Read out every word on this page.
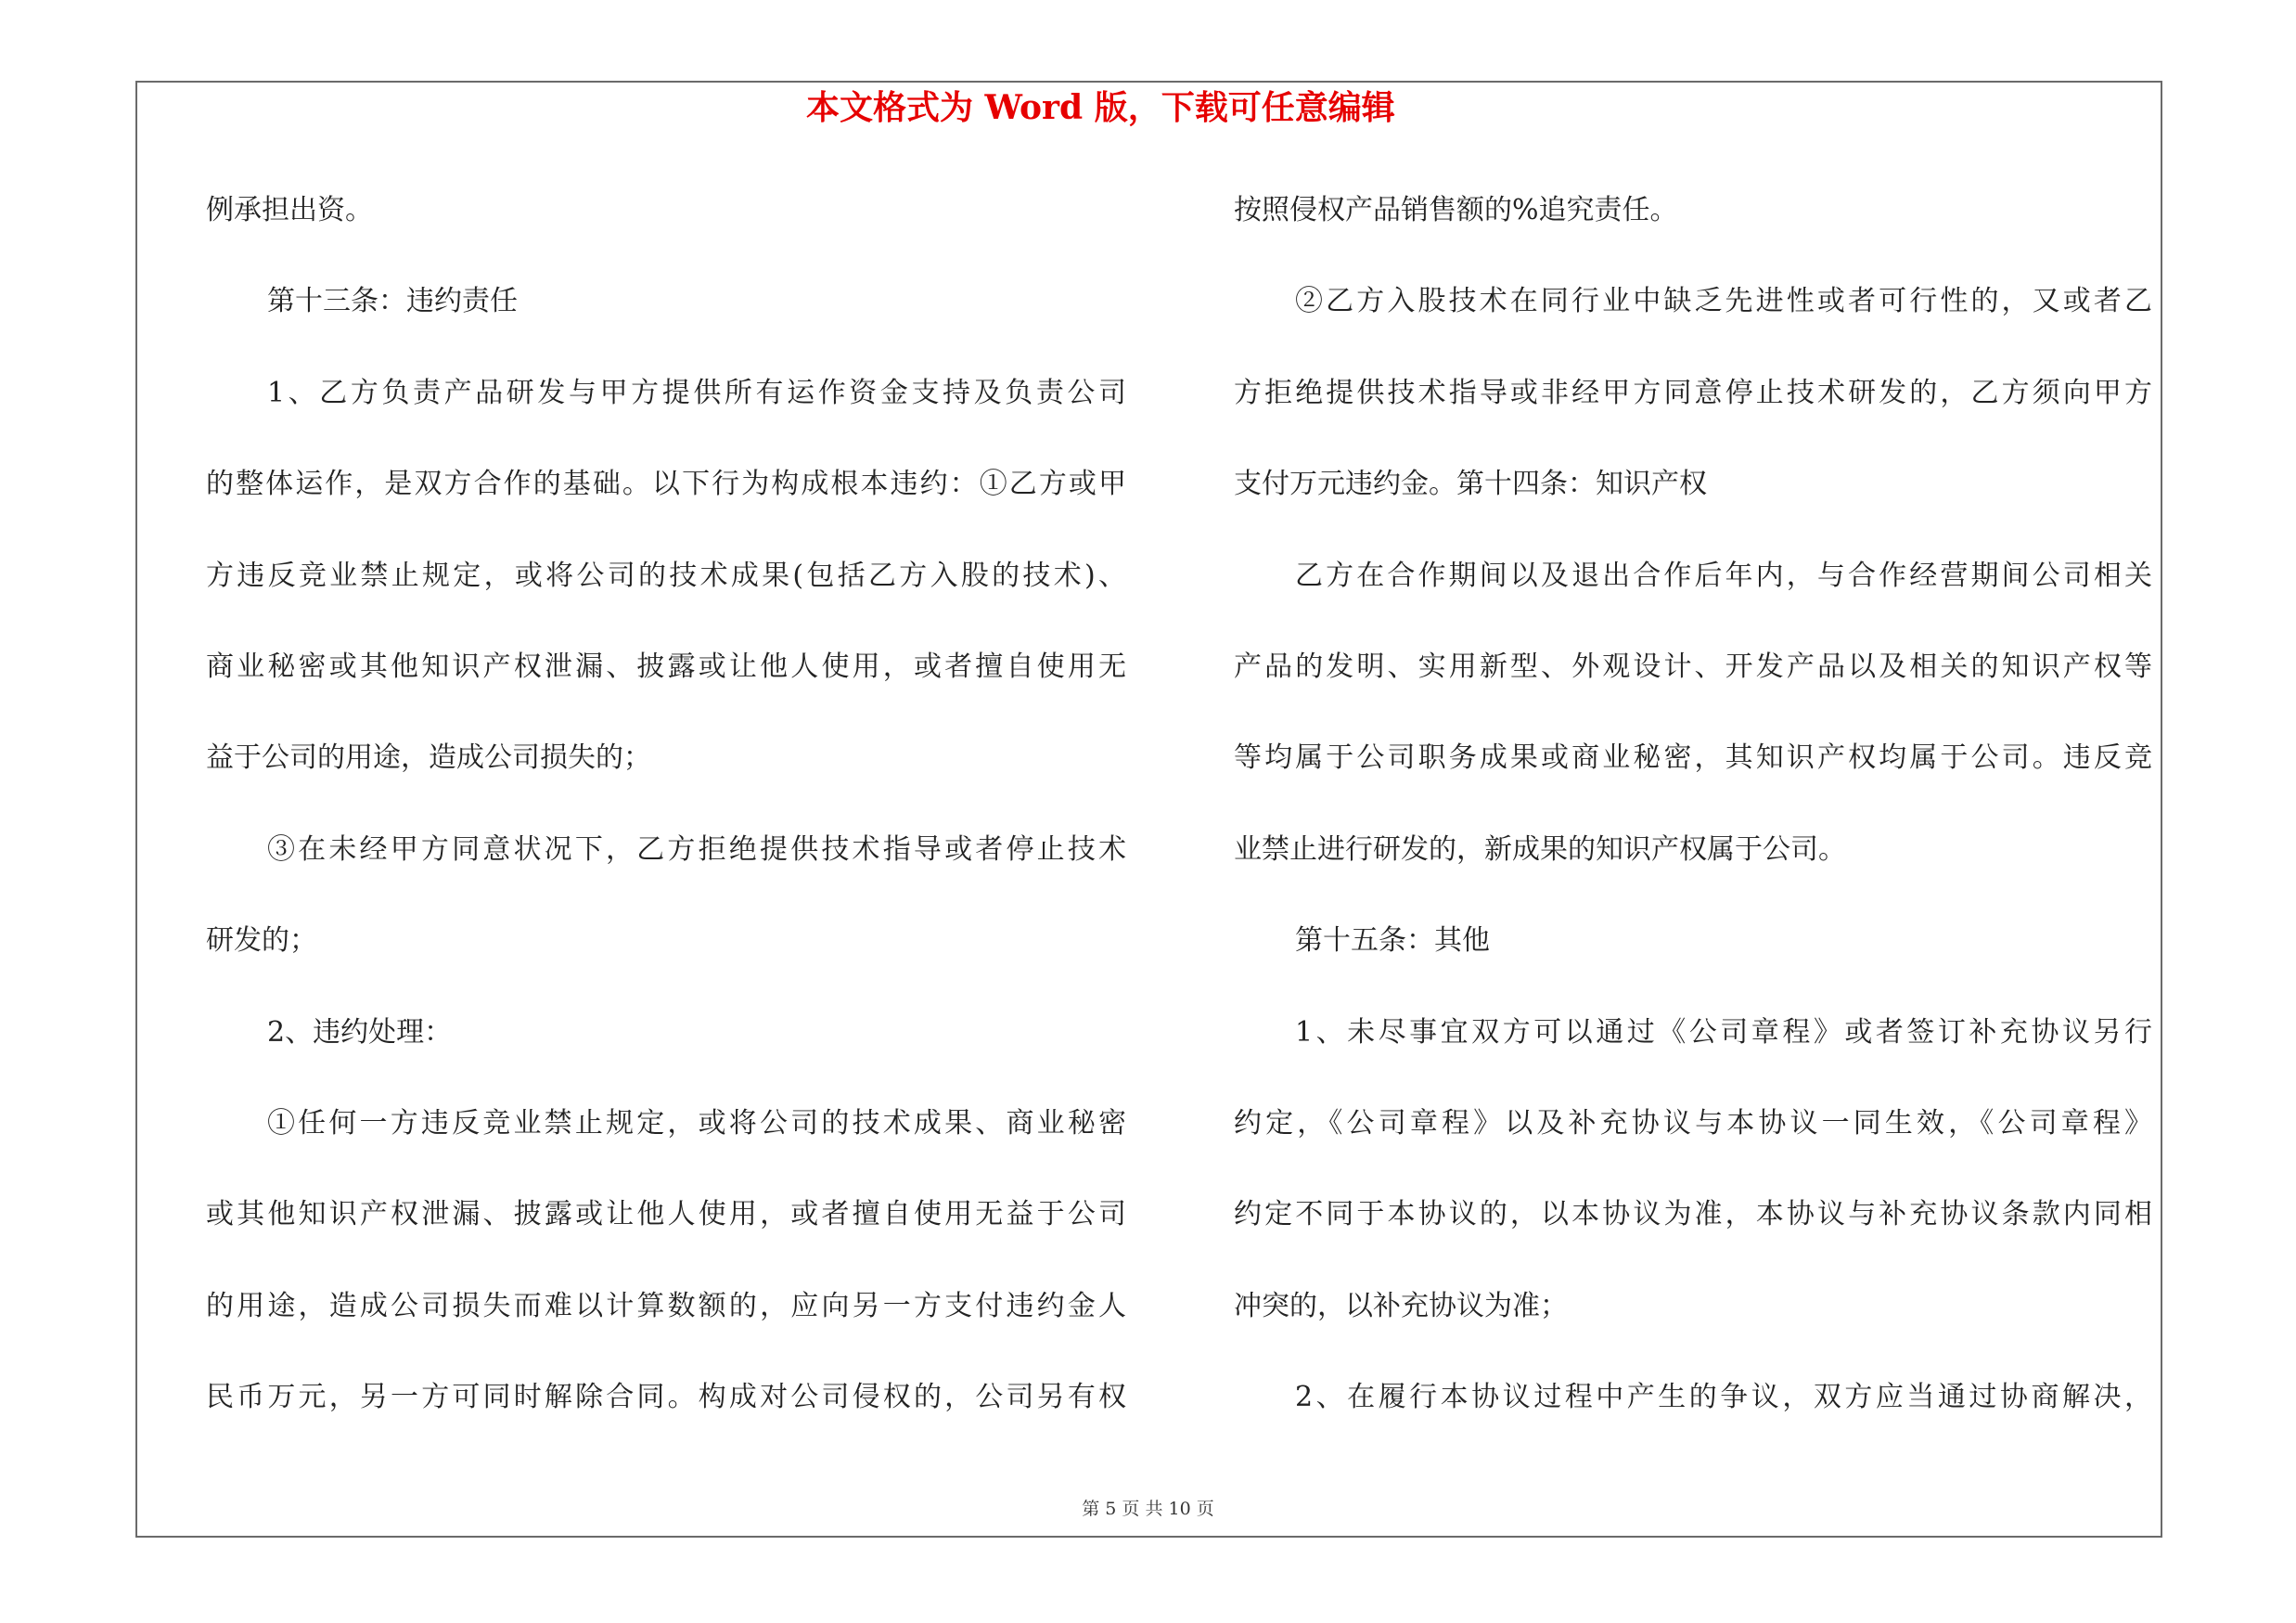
本文格式为 Word 版，下载可任意编辑
例承担出资。
第十三条：违约责任
1、乙方负责产品研发与甲方提供所有运作资金支持及负责公司
的整体运作，是双方合作的基础。以下行为构成根本违约：①乙方或甲
方违反竞业禁止规定，或将公司的技术成果(包括乙方入股的技术)、
商业秘密或其他知识产权泄漏、披露或让他人使用，或者擅自使用无
益于公司的用途，造成公司损失的；
③在未经甲方同意状况下，乙方拒绝提供技术指导或者停止技术
研发的；
2、违约处理：
①任何一方违反竞业禁止规定，或将公司的技术成果、商业秘密
或其他知识产权泄漏、披露或让他人使用，或者擅自使用无益于公司
的用途，造成公司损失而难以计算数额的，应向另一方支付违约金人
民币万元，另一方可同时解除合同。构成对公司侵权的，公司另有权
按照侵权产品销售额的%追究责任。
②乙方入股技术在同行业中缺乏先进性或者可行性的，又或者乙
方拒绝提供技术指导或非经甲方同意停止技术研发的，乙方须向甲方
支付万元违约金。第十四条：知识产权
乙方在合作期间以及退出合作后年内，与合作经营期间公司相关
产品的发明、实用新型、外观设计、开发产品以及相关的知识产权等
等均属于公司职务成果或商业秘密，其知识产权均属于公司。违反竞
业禁止进行研发的，新成果的知识产权属于公司。
第十五条：其他
1、未尽事宜双方可以通过《公司章程》或者签订补充协议另行
约定，《公司章程》以及补充协议与本协议一同生效，《公司章程》
约定不同于本协议的，以本协议为准，本协议与补充协议条款内同相
冲突的，以补充协议为准；
2、在履行本协议过程中产生的争议，双方应当通过协商解决，
第 5 页 共 10 页
